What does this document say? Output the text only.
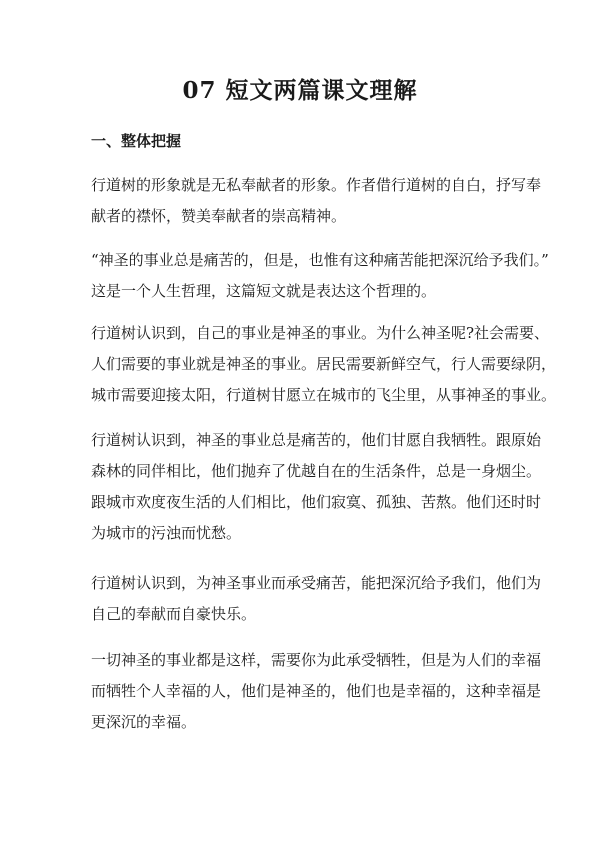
07 短文两篇课文理解
一、整体把握

行道树的形象就是无私奉献者的形象。作者借行道树的自白，抒写奉
献者的襟怀，赞美奉献者的崇高精神。

“神圣的事业总是痛苦的，但是，也惟有这种痛苦能把深沉给予我们。”
这是一个人生哲理，这篇短文就是表达这个哲理的。

行道树认识到，自己的事业是神圣的事业。为什么神圣呢?社会需要、
人们需要的事业就是神圣的事业。居民需要新鲜空气，行人需要绿阴，
城市需要迎接太阳，行道树甘愿立在城市的飞尘里，从事神圣的事业。

行道树认识到，神圣的事业总是痛苦的，他们甘愿自我牺牲。跟原始
森林的同伴相比，他们抛弃了优越自在的生活条件，总是一身烟尘。
跟城市欢度夜生活的人们相比，他们寂寞、孤独、苦熬。他们还时时
为城市的污浊而忧愁。

行道树认识到，为神圣事业而承受痛苦，能把深沉给予我们，他们为
自己的奉献而自豪快乐。

一切神圣的事业都是这样，需要你为此承受牺牲，但是为人们的幸福
而牺牲个人幸福的人，他们是神圣的，他们也是幸福的，这种幸福是
更深沉的幸福。
